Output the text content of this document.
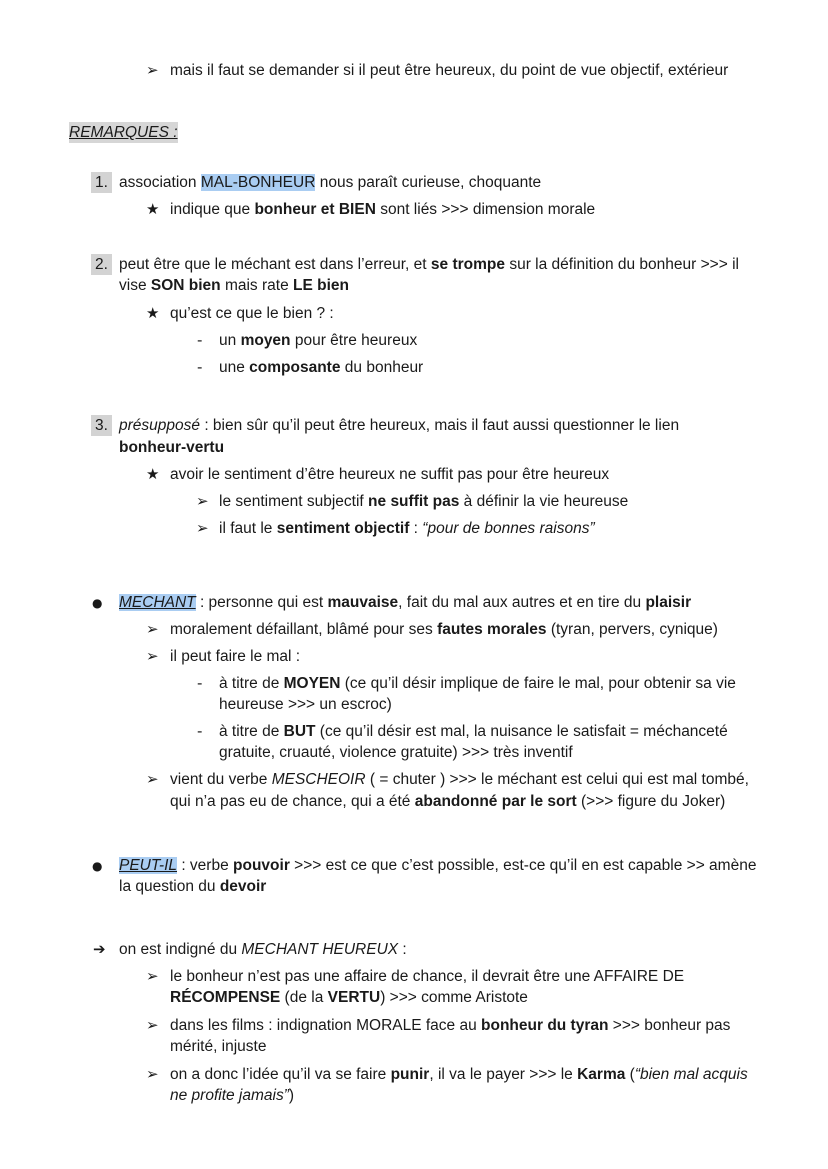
➢ mais il faut se demander si il peut être heureux, du point de vue objectif, extérieur
REMARQUES :
1. association MAL-BONHEUR nous paraît curieuse, choquante
★ indique que bonheur et BIEN sont liés >>> dimension morale
2. peut être que le méchant est dans l’erreur, et se trompe sur la définition du bonheur >>> il
vise SON bien mais rate LE bien
★ qu’est ce que le bien ? :
- un moyen pour être heureux
- une composante du bonheur
3. présupposé : bien sûr qu’il peut être heureux, mais il faut aussi questionner le lien
bonheur-vertu
★ avoir le sentiment d’être heureux ne suffit pas pour être heureux
➢ le sentiment subjectif ne suffit pas à définir la vie heureuse
➢ il faut le sentiment objectif : “pour de bonnes raisons”
● MECHANT : personne qui est mauvaise, fait du mal aux autres et en tire du plaisir
➢ moralement défaillant, blâmé pour ses fautes morales (tyran, pervers, cynique)
➢ il peut faire le mal :
- à titre de MOYEN (ce qu’il désir implique de faire le mal, pour obtenir sa vie
heureuse >>> un escroc)
- à titre de BUT (ce qu’il désir est mal, la nuisance le satisfait = méchanceté
gratuite, cruauté, violence gratuite) >>> très inventif
➢ vient du verbe MESCHEOIR ( = chuter ) >>> le méchant est celui qui est mal tombé,
qui n’a pas eu de chance, qui a été abandonné par le sort (>>> figure du Joker)
● PEUT-IL : verbe pouvoir >>> est ce que c’est possible, est-ce qu’il en est capable >> amène
la question du devoir
➔ on est indigné du MECHANT HEUREUX :
➢ le bonheur n’est pas une affaire de chance, il devrait être une AFFAIRE DE
RÉCOMPENSE (de la VERTU) >>> comme Aristote
➢ dans les films : indignation MORALE face au bonheur du tyran >>> bonheur pas
mérité, injuste
➢ on a donc l’idée qu’il va se faire punir, il va le payer >>> le Karma (“bien mal acquis
ne profite jamais”)
